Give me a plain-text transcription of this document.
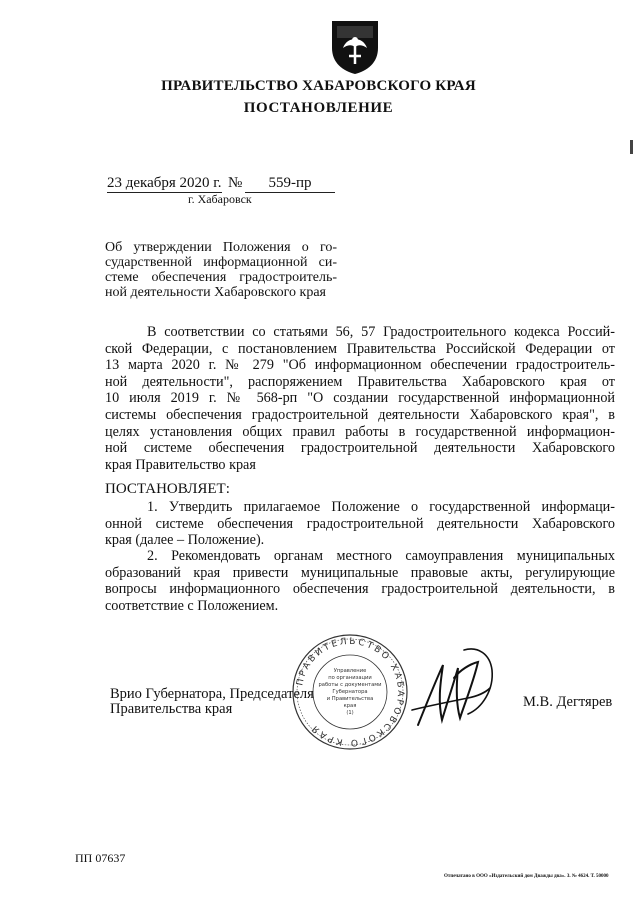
ПРАВИТЕЛЬСТВО ХАБАРОВСКОГО КРАЯ
ПОСТАНОВЛЕНИЕ
23 декабря 2020 г. №	559-пр
г. Хабаровск
Об утверждении Положения о го-
сударственной информационной си-
стеме обеспечения градостроитель-
ной деятельности Хабаровского края
В соответствии со статьями 56, 57 Градостроительного кодекса Россий-
ской Федерации, с постановлением Правительства Российской Федерации от
13 марта 2020 г. № 279 "Об информационном обеспечении градостроитель-
ной деятельности", распоряжением Правительства Хабаровского края от
10 июля 2019 г. № 568-рп "О создании государственной информационной
системы обеспечения градостроительной деятельности Хабаровского края", в
целях установления общих правил работы в государственной информацион-
ной системе обеспечения градостроительной деятельности Хабаровского
края Правительство края
ПОСТАНОВЛЯЕТ:
1. Утвердить прилагаемое Положение о государственной информаци-
онной системе обеспечения градостроительной деятельности Хабаровского
края (далее – Положение).
2. Рекомендовать органам местного самоуправления муниципальных
образований края привести муниципальные правовые акты, регулирующие
вопросы информационного обеспечения градостроительной деятельности, в
соответствие с Положением.
ПРАВИТЕЛЬСТВО ХАБАРОВСКОГО КРАЯ
Управление
по организации
работы с документами
Губернатора
и Правительства
края
(1)
Врио Губернатора, Председателя
Правительства края	М.В. Дегтярев
ПП 07637
Отпечатано в ООО «Издательский дом Дважды два». З. № 4624. Т. 50000
